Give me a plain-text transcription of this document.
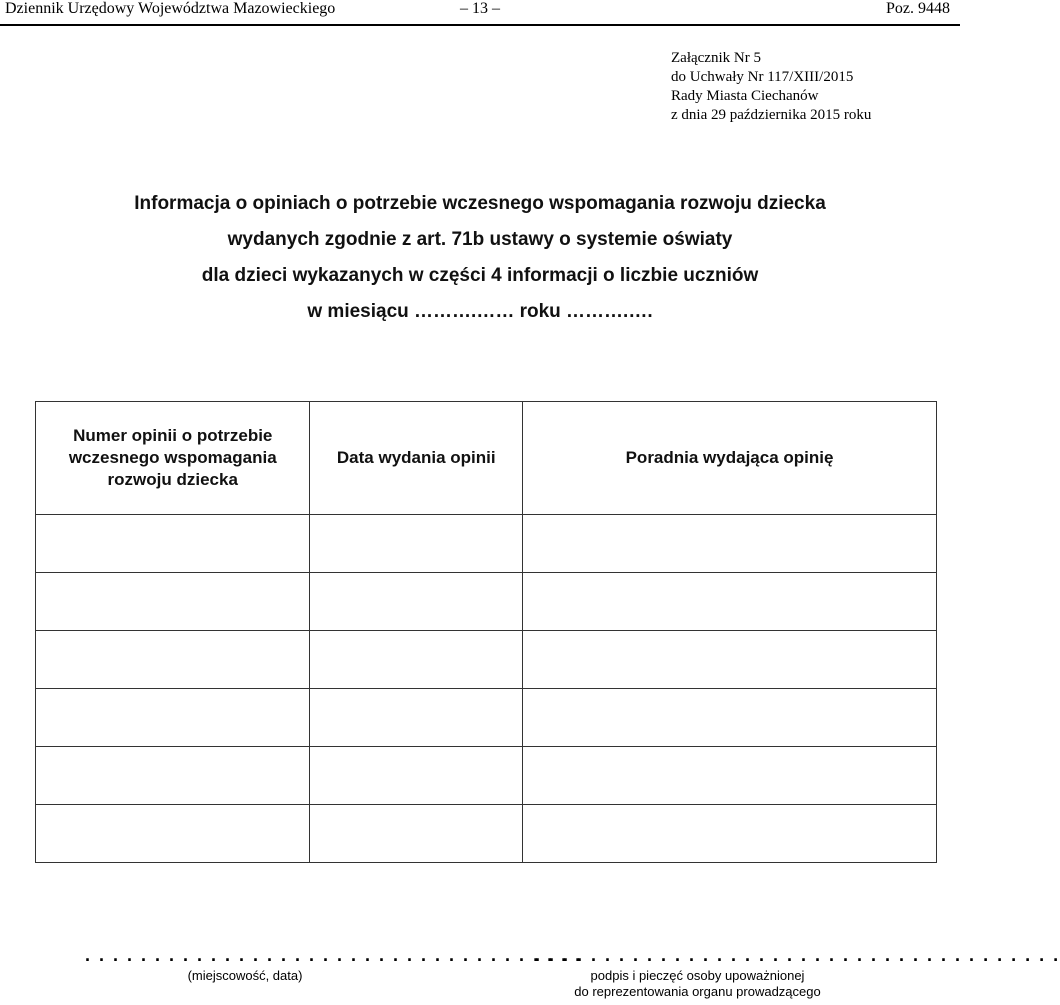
Dziennik Urzędowy Województwa Mazowieckiego	– 13 –	Poz. 9448
Załącznik Nr 5
do Uchwały Nr 117/XIII/2015
Rady Miasta Ciechanów
z dnia 29 października 2015 roku
Informacja o opiniach o potrzebie wczesnego wspomagania rozwoju dziecka
wydanych zgodnie z art. 71b ustawy o systemie oświaty
dla dzieci wykazanych w części 4 informacji o liczbie uczniów
w miesiącu ……….…… roku ……….….
Numer opinii o potrzebie wczesnego wspomagania rozwoju dziecka	Data wydania opinii	Poradnia wydająca opinię

. . . . . . . . . . . . . . . . . . . . . . . . . . . . . . . . . . . .
(miejscowość, data)
. . . . . . . . . . . . . . . . . . . . . . . . . . . . . . . . . . . . . .
podpis i pieczęć osoby upoważnionej
do reprezentowania organu prowadzącego
